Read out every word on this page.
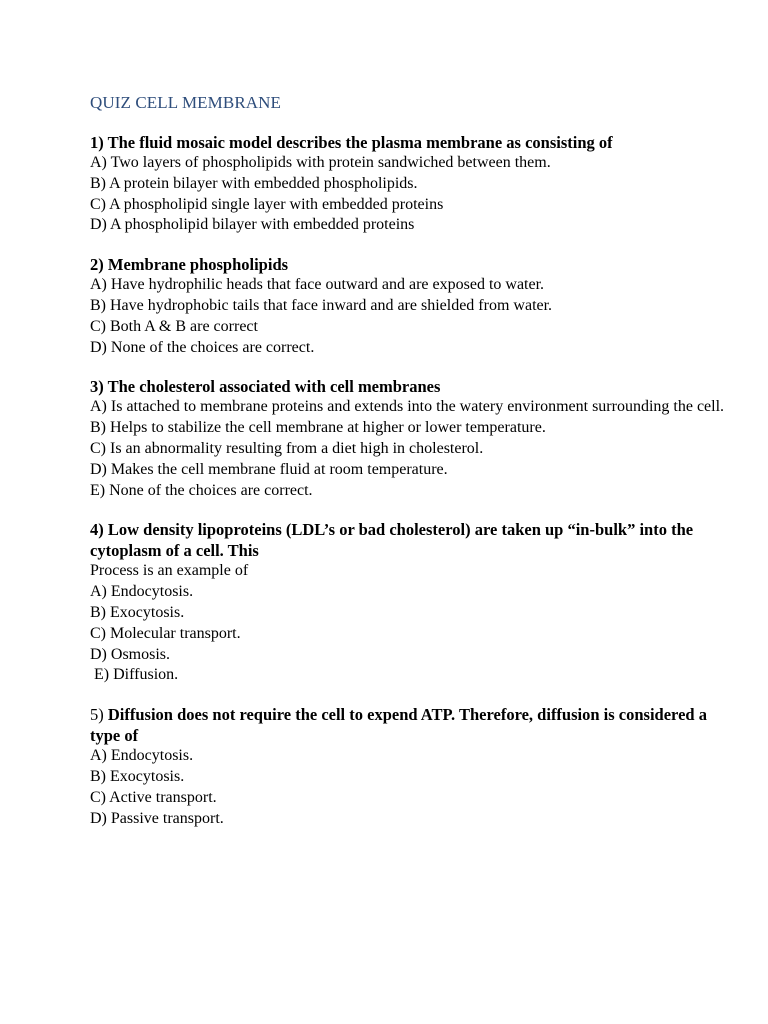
QUIZ CELL MEMBRANE

1) The fluid mosaic model describes the plasma membrane as consisting of

A) Two layers of phospholipids with protein sandwiched between them.
B) A protein bilayer with embedded phospholipids.
C) A phospholipid single layer with embedded proteins
D) A phospholipid bilayer with embedded proteins

2) Membrane phospholipids

A) Have hydrophilic heads that face outward and are exposed to water.
B) Have hydrophobic tails that face inward and are shielded from water.
C) Both A & B are correct
D) None of the choices are correct.

3) The cholesterol associated with cell membranes

A) Is attached to membrane proteins and extends into the watery environment surrounding the cell.
B) Helps to stabilize the cell membrane at higher or lower temperature.
C) Is an abnormality resulting from a diet high in cholesterol.
D) Makes the cell membrane fluid at room temperature.
E) None of the choices are correct.

4) Low density lipoproteins (LDL’s or bad cholesterol) are taken up “in-bulk” into the cytoplasm of a cell. This

Process is an example of

A) Endocytosis.
B) Exocytosis.
C) Molecular transport.
D) Osmosis.
E) Diffusion.

5) Diffusion does not require the cell to expend ATP. Therefore, diffusion is considered a type of

A) Endocytosis.
B) Exocytosis.
C) Active transport.
D) Passive transport.
